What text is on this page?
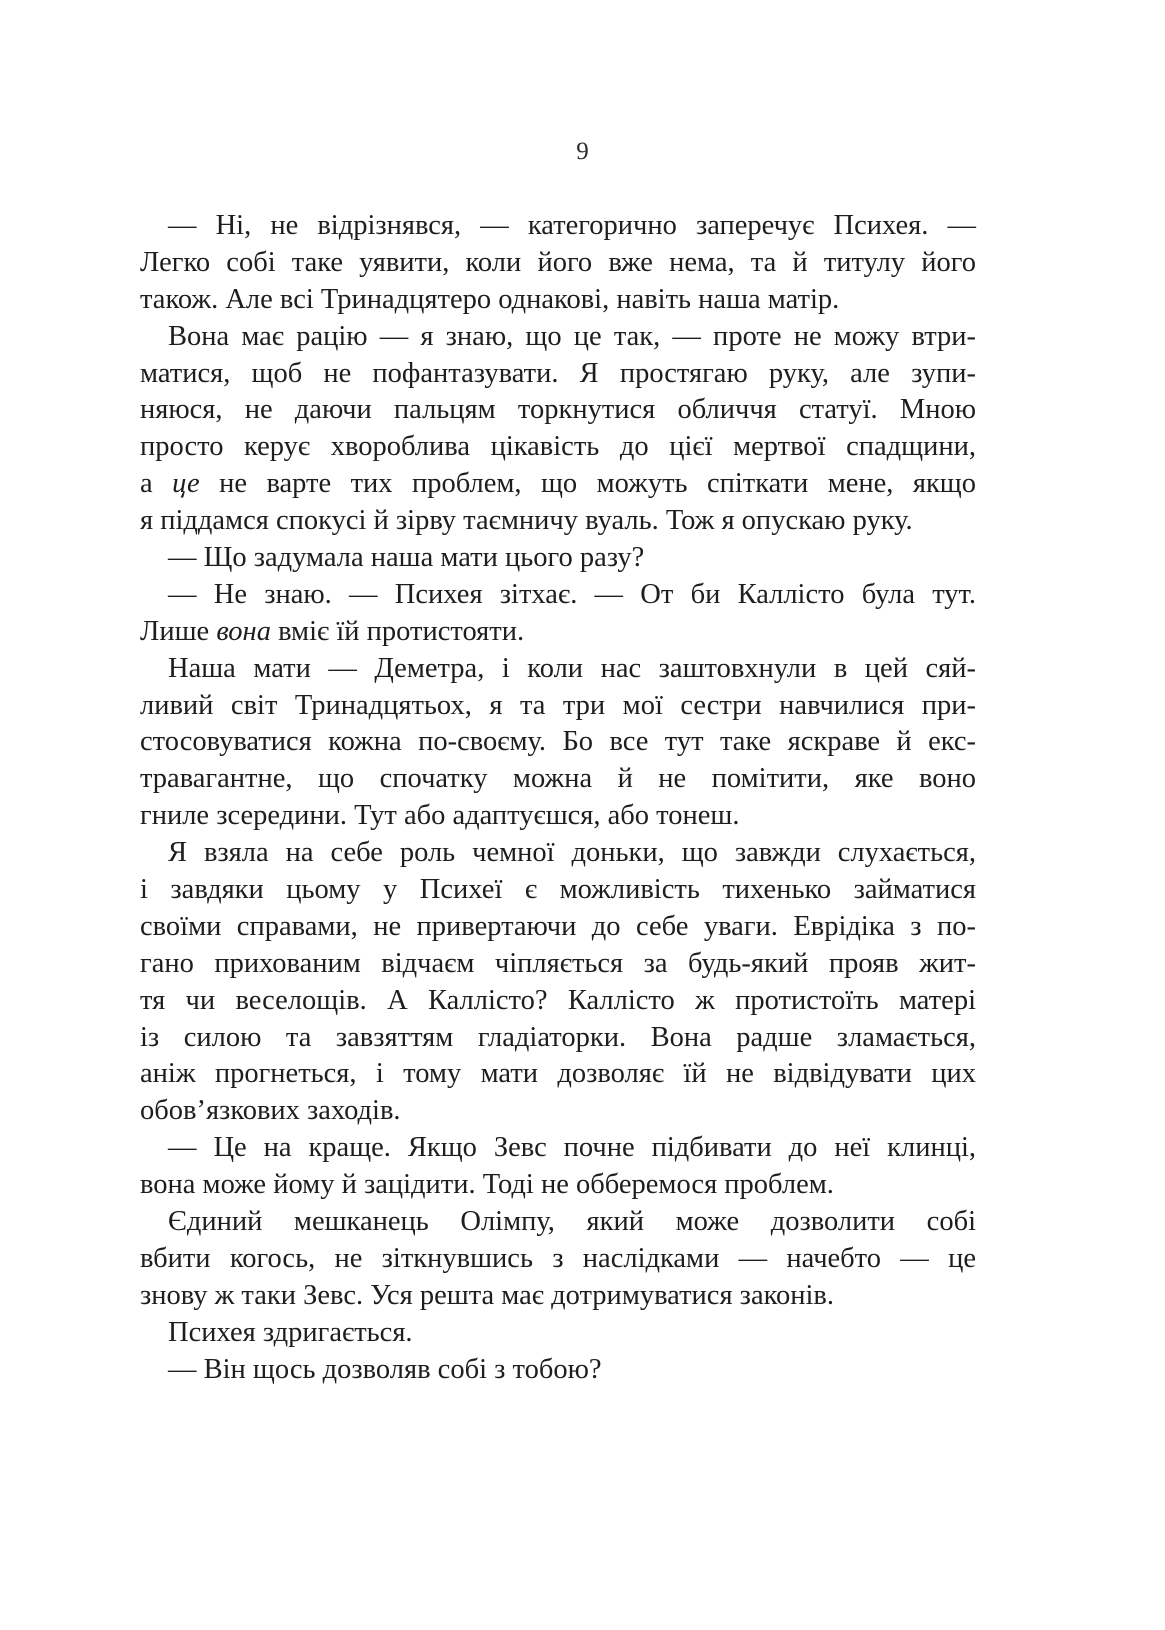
9
— Ні, не відрізнявся, — категорично заперечує Психея. —
Легко собі таке уявити, коли його вже нема, та й титулу його
також. Але всі Тринадцятеро однакові, навіть наша матір.
Вона має рацію — я знаю, що це так, — проте не можу втри-
матися, щоб не пофантазувати. Я простягаю руку, але зупи-
няюся, не даючи пальцям торкнутися обличчя статуї. Мною
просто керує хвороблива цікавість до цієї мертвої спадщини,
а це не варте тих проблем, що можуть спіткати мене, якщо
я піддамся спокусі й зірву таємничу вуаль. Тож я опускаю руку.
— Що задумала наша мати цього разу?
— Не знаю. — Психея зітхає. — От би Каллісто була тут.
Лише вона вміє їй протистояти.
Наша мати — Деметра, і коли нас заштовхнули в цей сяй-
ливий світ Тринадцятьох, я та три мої сестри навчилися при-
стосовуватися кожна по-своєму. Бо все тут таке яскраве й екс-
травагантне, що спочатку можна й не помітити, яке воно
гниле зсередини. Тут або адаптуєшся, або тонеш.
Я взяла на себе роль чемної доньки, що завжди слухається,
і завдяки цьому у Психеї є можливість тихенько займатися
своїми справами, не привертаючи до себе уваги. Еврідіка з по-
гано прихованим відчаєм чіпляється за будь-який прояв жит-
тя чи веселощів. А Каллісто? Каллісто ж протистоїть матері
із силою та завзяттям гладіаторки. Вона радше зламається,
аніж прогнеться, і тому мати дозволяє їй не відвідувати цих
обов’язкових заходів.
— Це на краще. Якщо Зевс почне підбивати до неї клинці,
вона може йому й зацідити. Тоді не обберемося проблем.
Єдиний мешканець Олімпу, який може дозволити собі
вбити когось, не зіткнувшись з наслідками — начебто — це
знову ж таки Зевс. Уся решта має дотримуватися законів.
Психея здригається.
— Він щось дозволяв собі з тобою?
